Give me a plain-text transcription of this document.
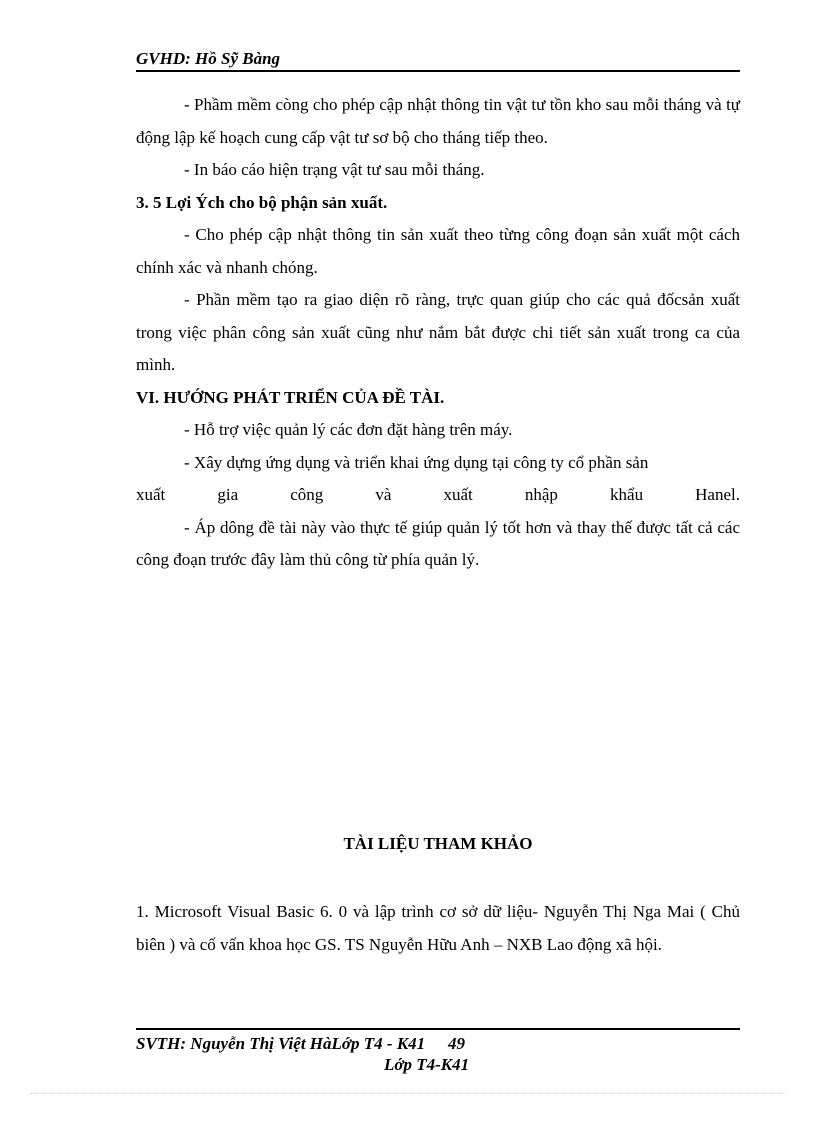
GVHD: Hồ Sỹ Bàng

- Phầm mềm còng cho phép cập nhật thông tin vật tư tồn kho sau mỗi tháng và tự động lập kế hoạch cung cấp vật tư sơ bộ cho tháng tiếp theo.

- In báo cáo hiện trạng vật tư sau mỗi tháng.

3. 5 Lợi Ých cho bộ phận sản xuất.

- Cho phép cập nhật thông tin sản xuất theo từng công đoạn sản xuất một cách chính xác và nhanh chóng.

- Phần mềm tạo ra giao diện rõ ràng, trực quan giúp cho các quả đốcsản xuất trong việc phân công sản xuất cũng như nắm bắt được chi tiết sản xuất trong ca của mình.

VI. HƯỚNG PHÁT TRIỂN CỦA ĐỀ TÀI.

- Hỗ trợ việc quản lý các đơn đặt hàng trên máy.

- Xây dựng ứng dụng và triển khai ứng dụng tại công ty cổ phần sản

xuất gia công và xuất nhập khẩu Hanel.

- Áp dông đề tài này vào thực tế giúp quản lý tốt hơn và thay thế được tất cả các công đoạn trước đây làm thủ công từ phía quản lý.

TÀI LIỆU THAM KHẢO

1. Microsoft Visual Basic 6. 0 và lập trình cơ sở dữ liệu- Nguyễn Thị Nga Mai ( Chủ biên ) và cố vấn khoa học GS. TS Nguyễn Hữu Anh – NXB Lao động xã hội.

SVTH: Nguyễn Thị Việt HàLớp T4 - K41 49
Lớp T4-K41
